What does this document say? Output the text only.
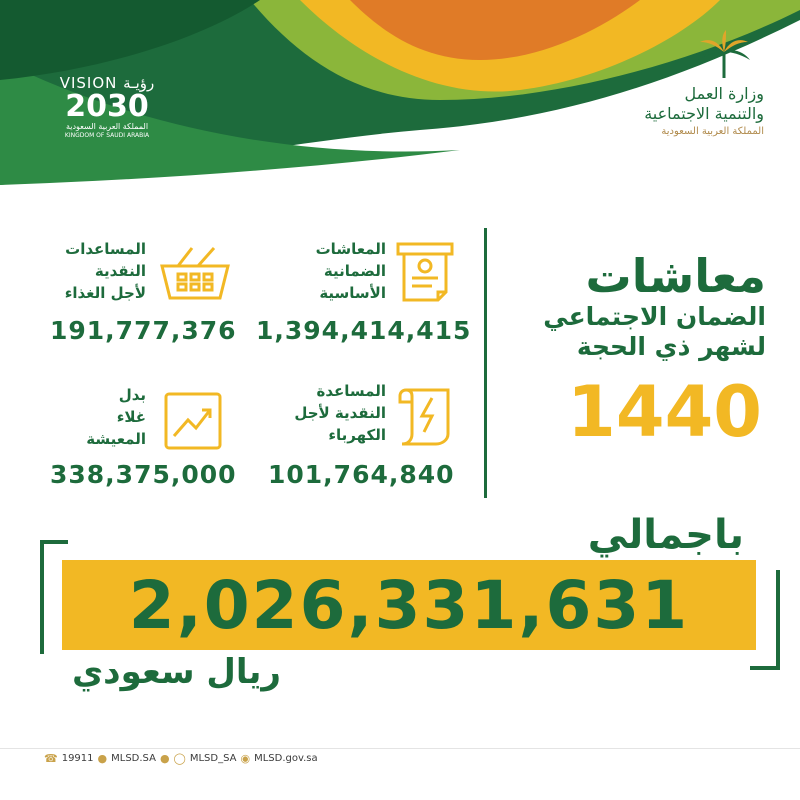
VISION رؤيـة
2030
المملكة العربية السعودية
KINGDOM OF SAUDI ARABIA
وزارة العمل
والتنمية الاجتماعية
المملكة العربية السعودية
معاشات
الضمان الاجتماعي
لشهر ذي الحجة
1440
المعاشات
الضمانية
الأساسية
1,394,414,415
المساعدات
النقدية
لأجل الغذاء
191,777,376
المساعدة
النقدية لأجل
الكهرباء
101,764,840
بدل
غلاء
المعيشة
338,375,000
باجمالي
2,026,331,631
ريال سعودي
☎ 19911 ● MLSD.SA ● ◯ MLSD_SA ◉ MLSD.gov.sa
